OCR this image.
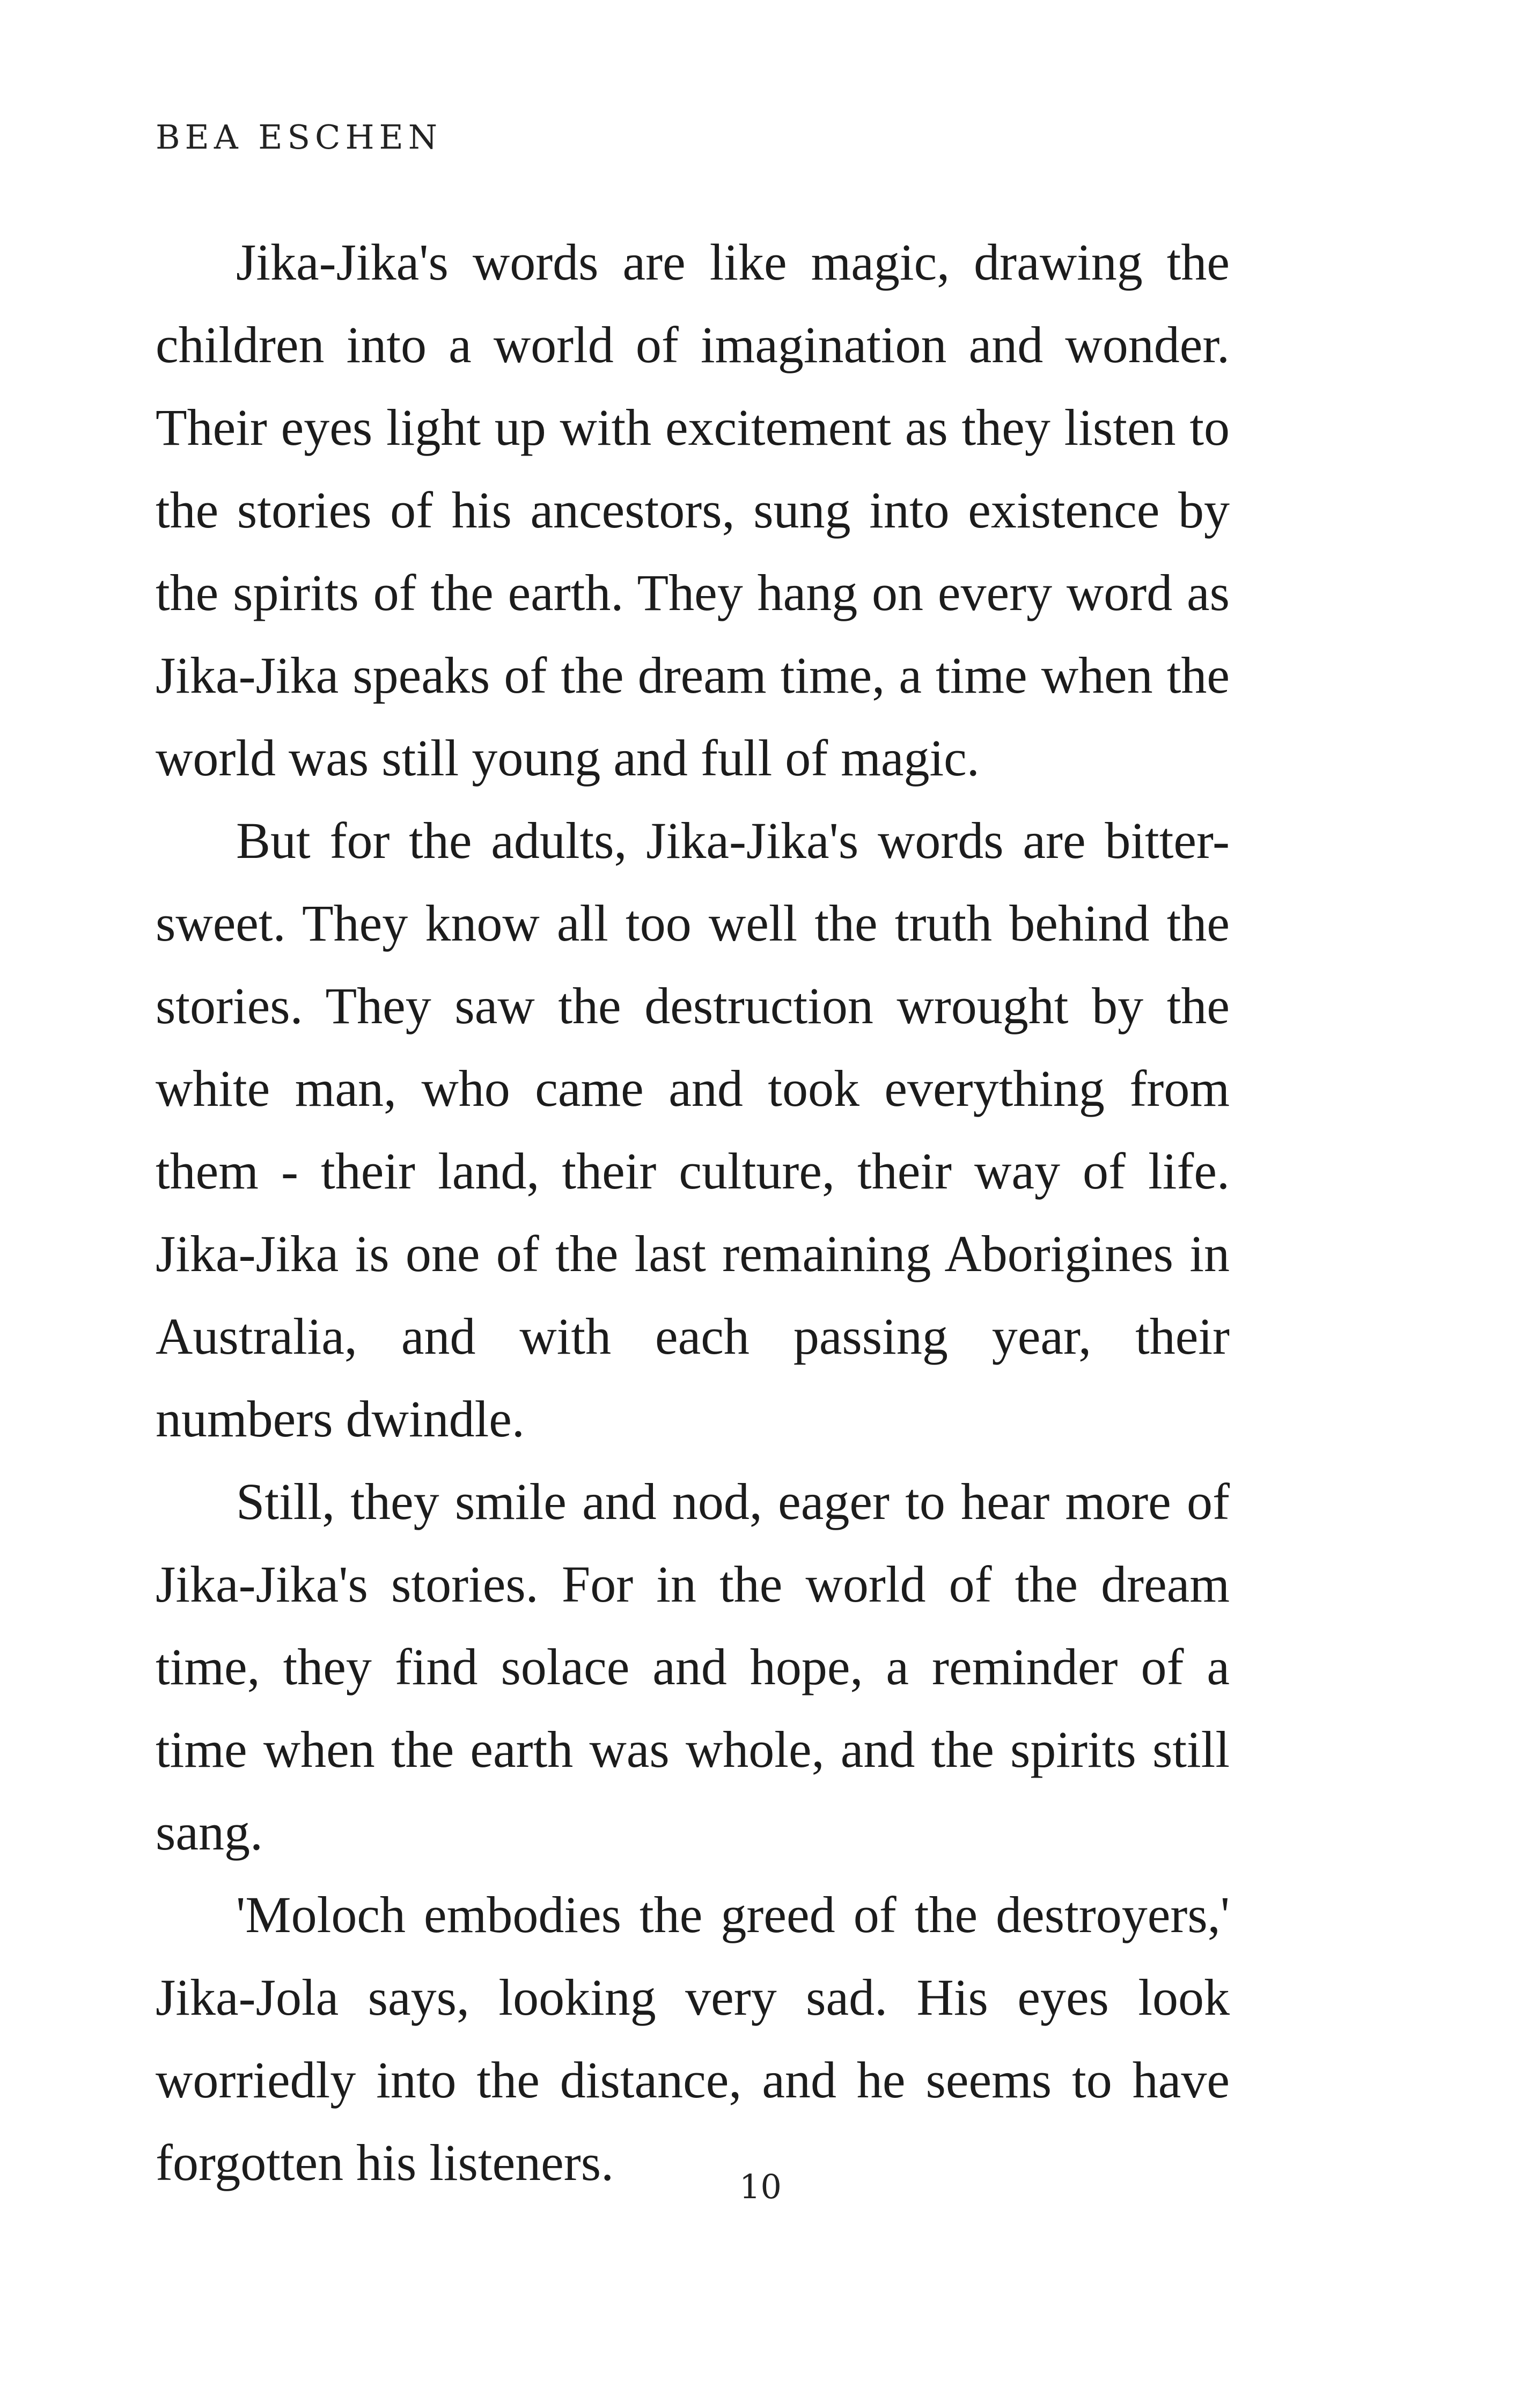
BEA ESCHEN

Jika-Jika's words are like magic, drawing the children into a world of imagination and wonder. Their eyes light up with excitement as they listen to the stories of his ancestors, sung into existence by the spirits of the earth. They hang on every word as Jika-Jika speaks of the dream time, a time when the world was still young and full of magic.

But for the adults, Jika-Jika's words are bitter-sweet. They know all too well the truth behind the stories. They saw the destruction wrought by the white man, who came and took everything from them - their land, their culture, their way of life. Jika-Jika is one of the last remaining Aborigines in Australia, and with each passing year, their numbers dwindle.

Still, they smile and nod, eager to hear more of Jika-Jika's stories. For in the world of the dream time, they find solace and hope, a reminder of a time when the earth was whole, and the spirits still sang.

'Moloch embodies the greed of the destroyers,' Jika-Jola says, looking very sad. His eyes look worriedly into the distance, and he seems to have forgotten his listeners.	10
